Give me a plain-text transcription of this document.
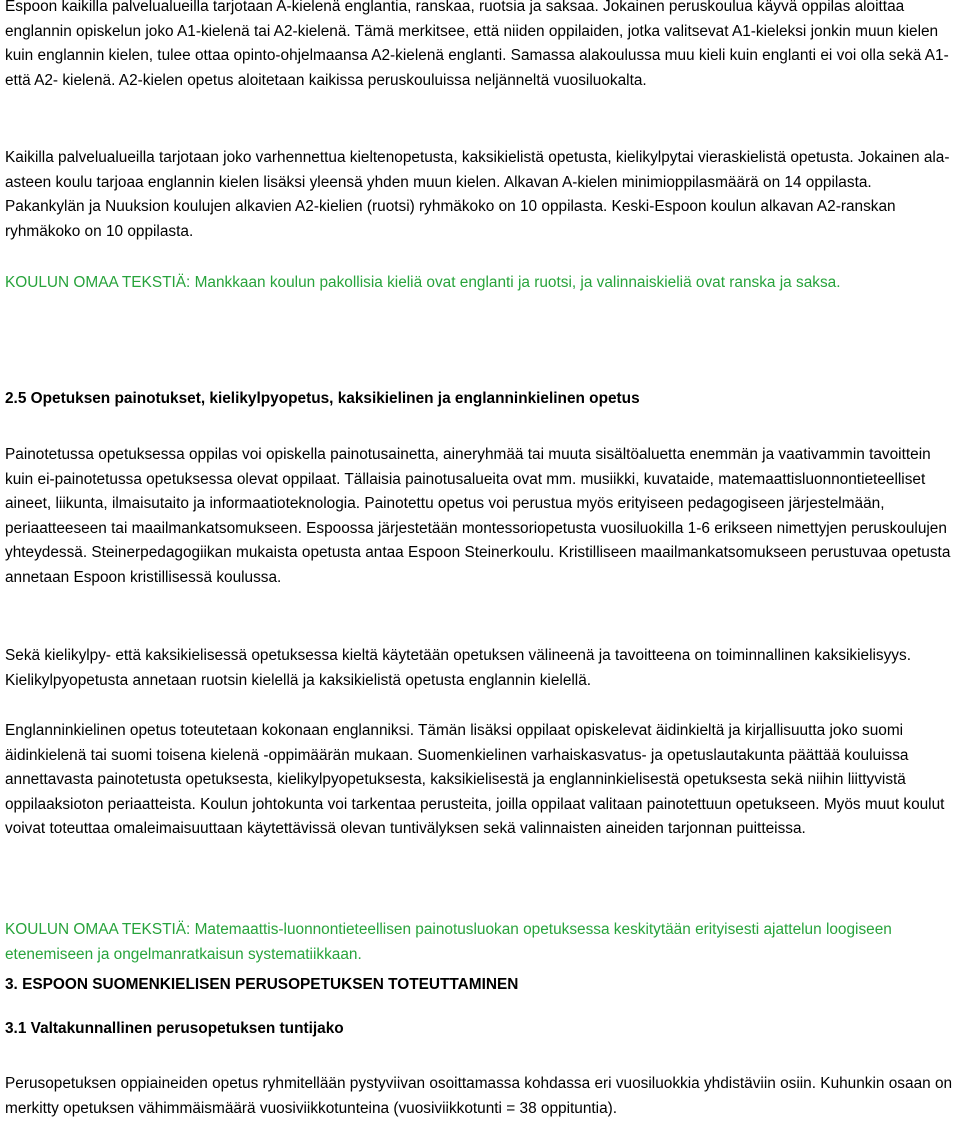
Espoon kaikilla palvelualueilla tarjotaan A-kielenä englantia, ranskaa, ruotsia ja saksaa. Jokainen peruskoulua käyvä oppilas aloittaa englannin opiskelun joko A1-kielenä tai A2-kielenä. Tämä merkitsee, että niiden oppilaiden, jotka valitsevat A1-kieleksi jonkin muun kielen kuin englannin kielen, tulee ottaa opinto-ohjelmaansa A2-kielenä englanti. Samassa alakoulussa muu kieli kuin englanti ei voi olla sekä A1- että A2- kielenä. A2-kielen opetus aloitetaan kaikissa peruskouluissa neljänneltä vuosiluokalta.

Kaikilla palvelualueilla tarjotaan joko varhennettua kieltenopetusta, kaksikielistä opetusta, kielikylpytai vieraskielistä opetusta. Jokainen ala-asteen koulu tarjoaa englannin kielen lisäksi yleensä yhden muun kielen. Alkavan A-kielen minimioppilasmäärä on 14 oppilasta. Pakankylän ja Nuuksion koulujen alkavien A2-kielien (ruotsi) ryhmäkoko on 10 oppilasta. Keski-Espoon koulun alkavan A2-ranskan ryhmäkoko on 10 oppilasta.

KOULUN OMAA TEKSTIÄ: Mankkaan koulun pakollisia kieliä ovat englanti ja ruotsi, ja valinnaiskieliä ovat ranska ja saksa.

2.5 Opetuksen painotukset, kielikylpyopetus, kaksikielinen ja englanninkielinen opetus

Painotetussa opetuksessa oppilas voi opiskella painotusainetta, aineryhmää tai muuta sisältöaluetta enemmän ja vaativammin tavoittein kuin ei-painotetussa opetuksessa olevat oppilaat. Tällaisia painotusalueita ovat mm. musiikki, kuvataide, matemaattisluonnontieteelliset aineet, liikunta, ilmaisutaito ja informaatioteknologia. Painotettu opetus voi perustua myös erityiseen pedagogiseen järjestelmään, periaatteeseen tai maailmankatsomukseen. Espoossa järjestetään montessoriopetusta vuosiluokilla 1-6 erikseen nimettyjen peruskoulujen yhteydessä. Steinerpedagogiikan mukaista opetusta antaa Espoon Steinerkoulu. Kristilliseen maailmankatsomukseen perustuvaa opetusta annetaan Espoon kristillisessä koulussa.

Sekä kielikylpy- että kaksikielisessä opetuksessa kieltä käytetään opetuksen välineenä ja tavoitteena on toiminnallinen kaksikielisyys. Kielikylpyopetusta annetaan ruotsin kielellä ja kaksikielistä opetusta englannin kielellä.

Englanninkielinen opetus toteutetaan kokonaan englanniksi. Tämän lisäksi oppilaat opiskelevat äidinkieltä ja kirjallisuutta joko suomi äidinkielenä tai suomi toisena kielenä -oppimäärän mukaan. Suomenkielinen varhaiskasvatus- ja opetuslautakunta päättää kouluissa annettavasta painotetusta opetuksesta, kielikylpyopetuksesta, kaksikielisestä ja englanninkielisestä opetuksesta sekä niihin liittyvistä oppilaaksioton periaatteista. Koulun johtokunta voi tarkentaa perusteita, joilla oppilaat valitaan painotettuun opetukseen. Myös muut koulut voivat toteuttaa omaleimaisuuttaan käytettävissä olevan tuntivälyksen sekä valinnaisten aineiden tarjonnan puitteissa.

KOULUN OMAA TEKSTIÄ: Matemaattis-luonnontieteellisen painotusluokan opetuksessa keskitytään erityisesti ajattelun loogiseen etenemiseen ja ongelmanratkaisun systematiikkaan.

3. ESPOON SUOMENKIELISEN PERUSOPETUKSEN TOTEUTTAMINEN
3.1 Valtakunnallinen perusopetuksen tuntijako

Perusopetuksen oppiaineiden opetus ryhmitellään pystyviivan osoittamassa kohdassa eri vuosiluokkia yhdistäviin osiin. Kuhunkin osaan on merkitty opetuksen vähimmäismäärä vuosiviikkotunteina (vuosiviikkotunti = 38 oppituntia).
